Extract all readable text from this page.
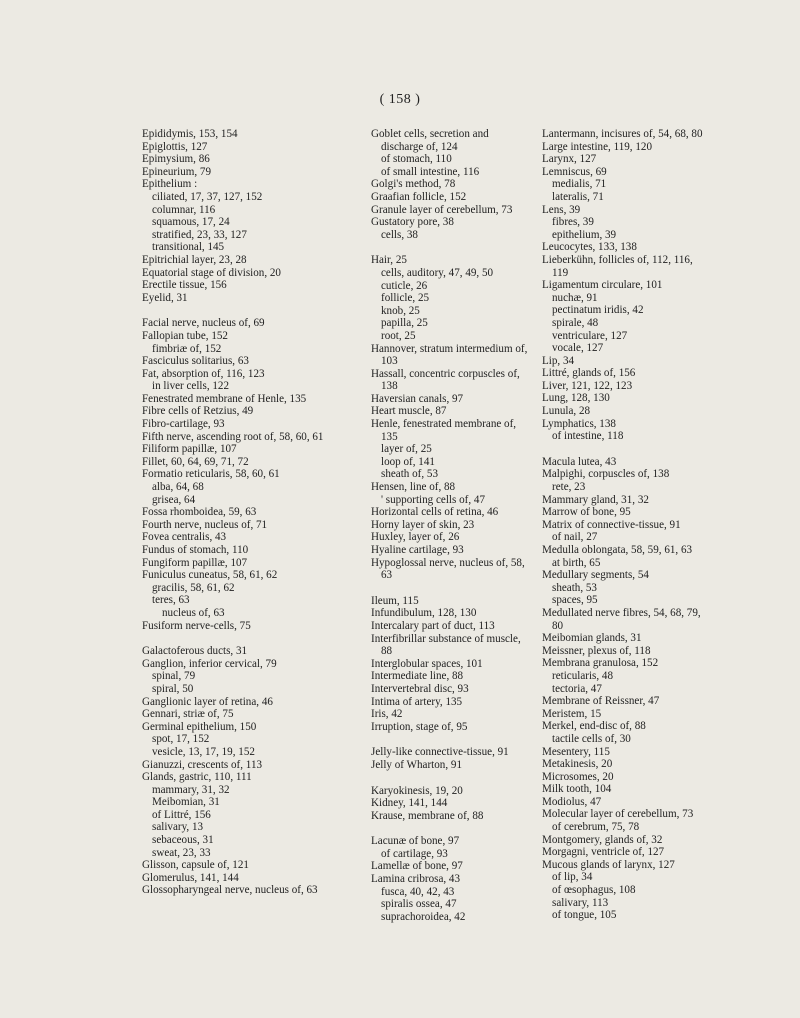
( 158 )

Epididymis, 153, 154

Epiglottis, 127

Epimysium, 86

Epineurium, 79

Epithelium :

ciliated, 17, 37, 127, 152

columnar, 116

squamous, 17, 24

stratified, 23, 33, 127

transitional, 145

Epitrichial layer, 23, 28

Equatorial stage of division, 20

Erectile tissue, 156

Eyelid, 31

Facial nerve, nucleus of, 69

Fallopian tube, 152

fimbriæ of, 152

Fasciculus solitarius, 63

Fat, absorption of, 116, 123

in liver cells, 122

Fenestrated membrane of Henle, 135

Fibre cells of Retzius, 49

Fibro-cartilage, 93

Fifth nerve, ascending root of, 58, 60, 61

Filiform papillæ, 107

Fillet, 60, 64, 69, 71, 72

Formatio reticularis, 58, 60, 61

alba, 64, 68

grisea, 64

Fossa rhomboidea, 59, 63

Fourth nerve, nucleus of, 71

Fovea centralis, 43

Fundus of stomach, 110

Fungiform papillæ, 107

Funiculus cuneatus, 58, 61, 62

gracilis, 58, 61, 62

teres, 63

nucleus of, 63

Fusiform nerve-cells, 75

Galactoferous ducts, 31

Ganglion, inferior cervical, 79

spinal, 79

spiral, 50

Ganglionic layer of retina, 46

Gennari, striæ of, 75

Germinal epithelium, 150

spot, 17, 152

vesicle, 13, 17, 19, 152

Gianuzzi, crescents of, 113

Glands, gastric, 110, 111

mammary, 31, 32

Meibomian, 31

of Littré, 156

salivary, 13

sebaceous, 31

sweat, 23, 33

Glisson, capsule of, 121

Glomerulus, 141, 144

Glossopharyngeal nerve, nucleus of, 63

Goblet cells, secretion and discharge of, 124

of stomach, 110

of small intestine, 116

Golgi's method, 78

Graafian follicle, 152

Granule layer of cerebellum, 73

Gustatory pore, 38

cells, 38

Hair, 25

cells, auditory, 47, 49, 50

cuticle, 26

follicle, 25

knob, 25

papilla, 25

root, 25

Hannover, stratum intermedium of, 103

Hassall, concentric corpuscles of, 138

Haversian canals, 97

Heart muscle, 87

Henle, fenestrated membrane of, 135

layer of, 25

loop of, 141

sheath of, 53

Hensen, line of, 88

' supporting cells of, 47

Horizontal cells of retina, 46

Horny layer of skin, 23

Huxley, layer of, 26

Hyaline cartilage, 93

Hypoglossal nerve, nucleus of, 58, 63

Ileum, 115

Infundibulum, 128, 130

Intercalary part of duct, 113

Interfibrillar substance of muscle, 88

Interglobular spaces, 101

Intermediate line, 88

Intervertebral disc, 93

Intima of artery, 135

Iris, 42

Irruption, stage of, 95

Jelly-like connective-tissue, 91

Jelly of Wharton, 91

Karyokinesis, 19, 20

Kidney, 141, 144

Krause, membrane of, 88

Lacunæ of bone, 97

of cartilage, 93

Lamellæ of bone, 97

Lamina cribrosa, 43

fusca, 40, 42, 43

spiralis ossea, 47

suprachoroidea, 42

Lantermann, incisures of, 54, 68, 80

Large intestine, 119, 120

Larynx, 127

Lemniscus, 69

medialis, 71

lateralis, 71

Lens, 39

fibres, 39

epithelium, 39

Leucocytes, 133, 138

Lieberkühn, follicles of, 112, 116, 119

Ligamentum circulare, 101

nuchæ, 91

pectinatum iridis, 42

spirale, 48

ventriculare, 127

vocale, 127

Lip, 34

Littré, glands of, 156

Liver, 121, 122, 123

Lung, 128, 130

Lunula, 28

Lymphatics, 138

of intestine, 118

Macula lutea, 43

Malpighi, corpuscles of, 138

rete, 23

Mammary gland, 31, 32

Marrow of bone, 95

Matrix of connective-tissue, 91

of nail, 27

Medulla oblongata, 58, 59, 61, 63

at birth, 65

Medullary segments, 54

sheath, 53

spaces, 95

Medullated nerve fibres, 54, 68, 79, 80

Meibomian glands, 31

Meissner, plexus of, 118

Membrana granulosa, 152

reticularis, 48

tectoria, 47

Membrane of Reissner, 47

Meristem, 15

Merkel, end-disc of, 88

tactile cells of, 30

Mesentery, 115

Metakinesis, 20

Microsomes, 20

Milk tooth, 104

Modiolus, 47

Molecular layer of cerebellum, 73

of cerebrum, 75, 78

Montgomery, glands of, 32

Morgagni, ventricle of, 127

Mucous glands of larynx, 127

of lip, 34

of œsophagus, 108

salivary, 113

of tongue, 105
